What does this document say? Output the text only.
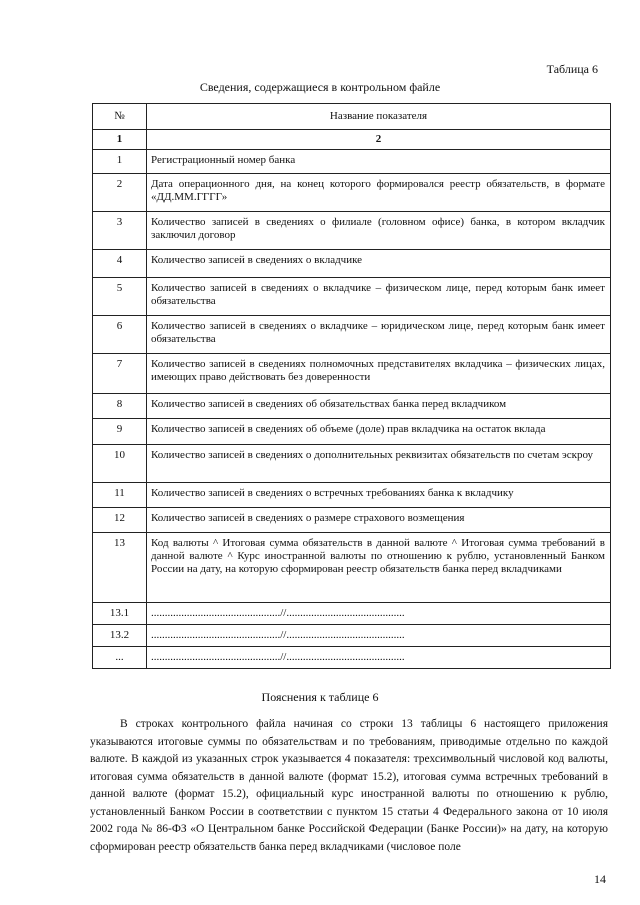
Таблица 6
Сведения, содержащиеся в контрольном файле
№	Название показателя
1	2
1	Регистрационный номер банка
2	Дата операционного дня, на конец которого формировался реестр обязательств, в формате «ДД.ММ.ГГГГ»
3	Количество записей в сведениях о филиале (головном офисе) банка, в котором вкладчик заключил договор
4	Количество записей в сведениях о вкладчике
5	Количество записей в сведениях о вкладчике – физическом лице, перед которым банк имеет обязательства
6	Количество записей в сведениях о вкладчике – юридическом лице, перед которым банк имеет обязательства
7	Количество записей в сведениях полномочных представителях вкладчика – физических лицах, имеющих право действовать без доверенности
8	Количество записей в сведениях об обязательствах банка перед вкладчиком
9	Количество записей в сведениях об объеме (доле) прав вкладчика на остаток вклада
10	Количество записей в сведениях о дополнительных реквизитах обязательств по счетам эскроу
11	Количество записей в сведениях о встречных требованиях банка к вкладчику
12	Количество записей в сведениях о размере страхового возмещения
13	Код валюты ^ Итоговая сумма обязательств в данной валюте ^ Итоговая сумма требований в данной валюте ^ Курс иностранной валюты по отношению к рублю, установленный Банком России на дату, на которую сформирован реестр обязательств банка перед вкладчиками
13.1	...............................................//...........................................
13.2	...............................................//...........................................
...	...............................................//...........................................
Пояснения к таблице 6

В строках контрольного файла начиная со строки 13 таблицы 6 настоящего приложения указываются итоговые суммы по обязательствам и по требованиям, приводимые отдельно по каждой валюте. В каждой из указанных строк указывается 4 показателя: трехсимвольный числовой код валюты, итоговая сумма обязательств в данной валюте (формат 15.2), итоговая сумма встречных требований в данной валюте (формат 15.2), официальный курс иностранной валюты по отношению к рублю, установленный Банком России в соответствии с пунктом 15 статьи 4 Федерального закона от 10 июля 2002 года № 86-ФЗ «О Центральном банке Российской Федерации (Банке России)» на дату, на которую сформирован реестр обязательств банка перед вкладчиками (числовое поле

14
